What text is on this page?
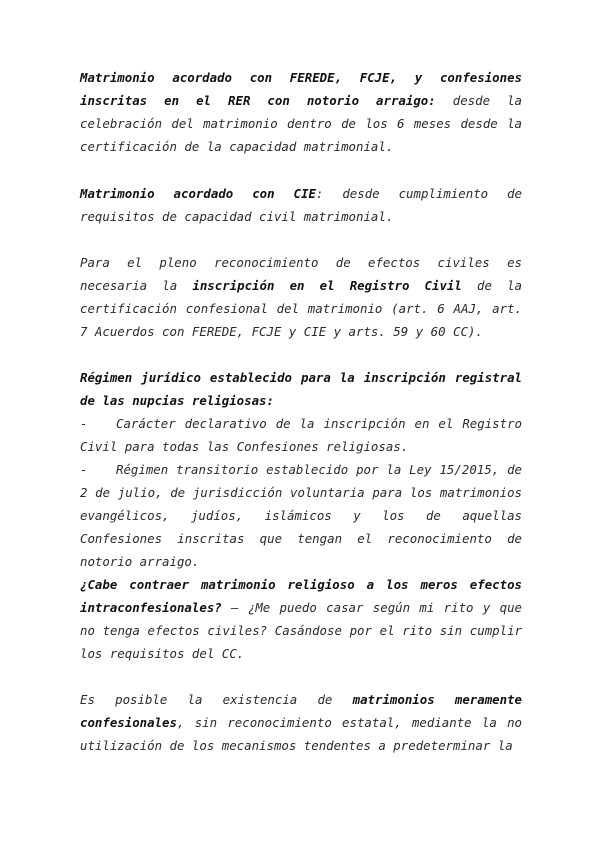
Matrimonio acordado con FEREDE, FCJE, y confesiones inscritas en el RER con notorio arraigo: desde la celebración del matrimonio dentro de los 6 meses desde la certificación de la capacidad matrimonial.

Matrimonio acordado con CIE: desde cumplimiento de requisitos de capacidad civil matrimonial.

Para el pleno reconocimiento de efectos civiles es necesaria la inscripción en el Registro Civil de la certificación confesional del matrimonio (art. 6 AAJ, art. 7 Acuerdos con FEREDE, FCJE y CIE y arts. 59 y 60 CC).

Régimen jurídico establecido para la inscripción registral de las nupcias religiosas:
- Carácter declarativo de la inscripción en el Registro Civil para todas las Confesiones religiosas.
- Régimen transitorio establecido por la Ley 15/2015, de 2 de julio, de jurisdicción voluntaria para los matrimonios evangélicos, judíos, islámicos y los de aquellas Confesiones inscritas que tengan el reconocimiento de notorio arraigo.

¿Cabe contraer matrimonio religioso a los meros efectos intraconfesionales? – ¿Me puedo casar según mi rito y que no tenga efectos civiles? Casándose por el rito sin cumplir los requisitos del CC.

Es posible la existencia de matrimonios meramente confesionales, sin reconocimiento estatal, mediante la no utilización de los mecanismos tendentes a predeterminar la
